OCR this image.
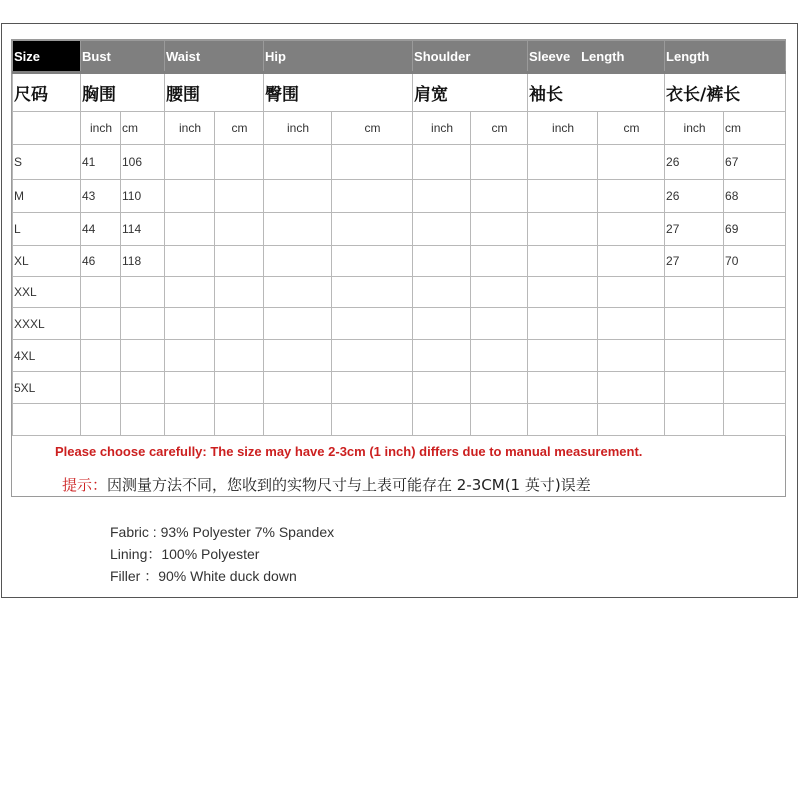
Size	Bust		Waist		Hip		Shoulder		Sleeve   Length		Length	
尺码	胸围		腰围		臀围		肩宽		袖长		衣长/裤长	
	inch	cm	inch	cm	inch	cm	inch	cm	inch	cm	inch	cm
S	41	106									26	67
M	43	110									26	68
L	44	114									27	69
XL	46	118									27	70
XXL												
XXXL												
4XL												
5XL												

Please choose carefully: The size may have 2-3cm (1 inch) differs due to manual measurement.
提示：因测量方法不同，您收到的实物尺寸与上表可能存在 2-3CM(1 英寸)误差
Fabric : 93% Polyester 7% Spandex
Lining：100% Polyester
Filler ：90% White duck down
